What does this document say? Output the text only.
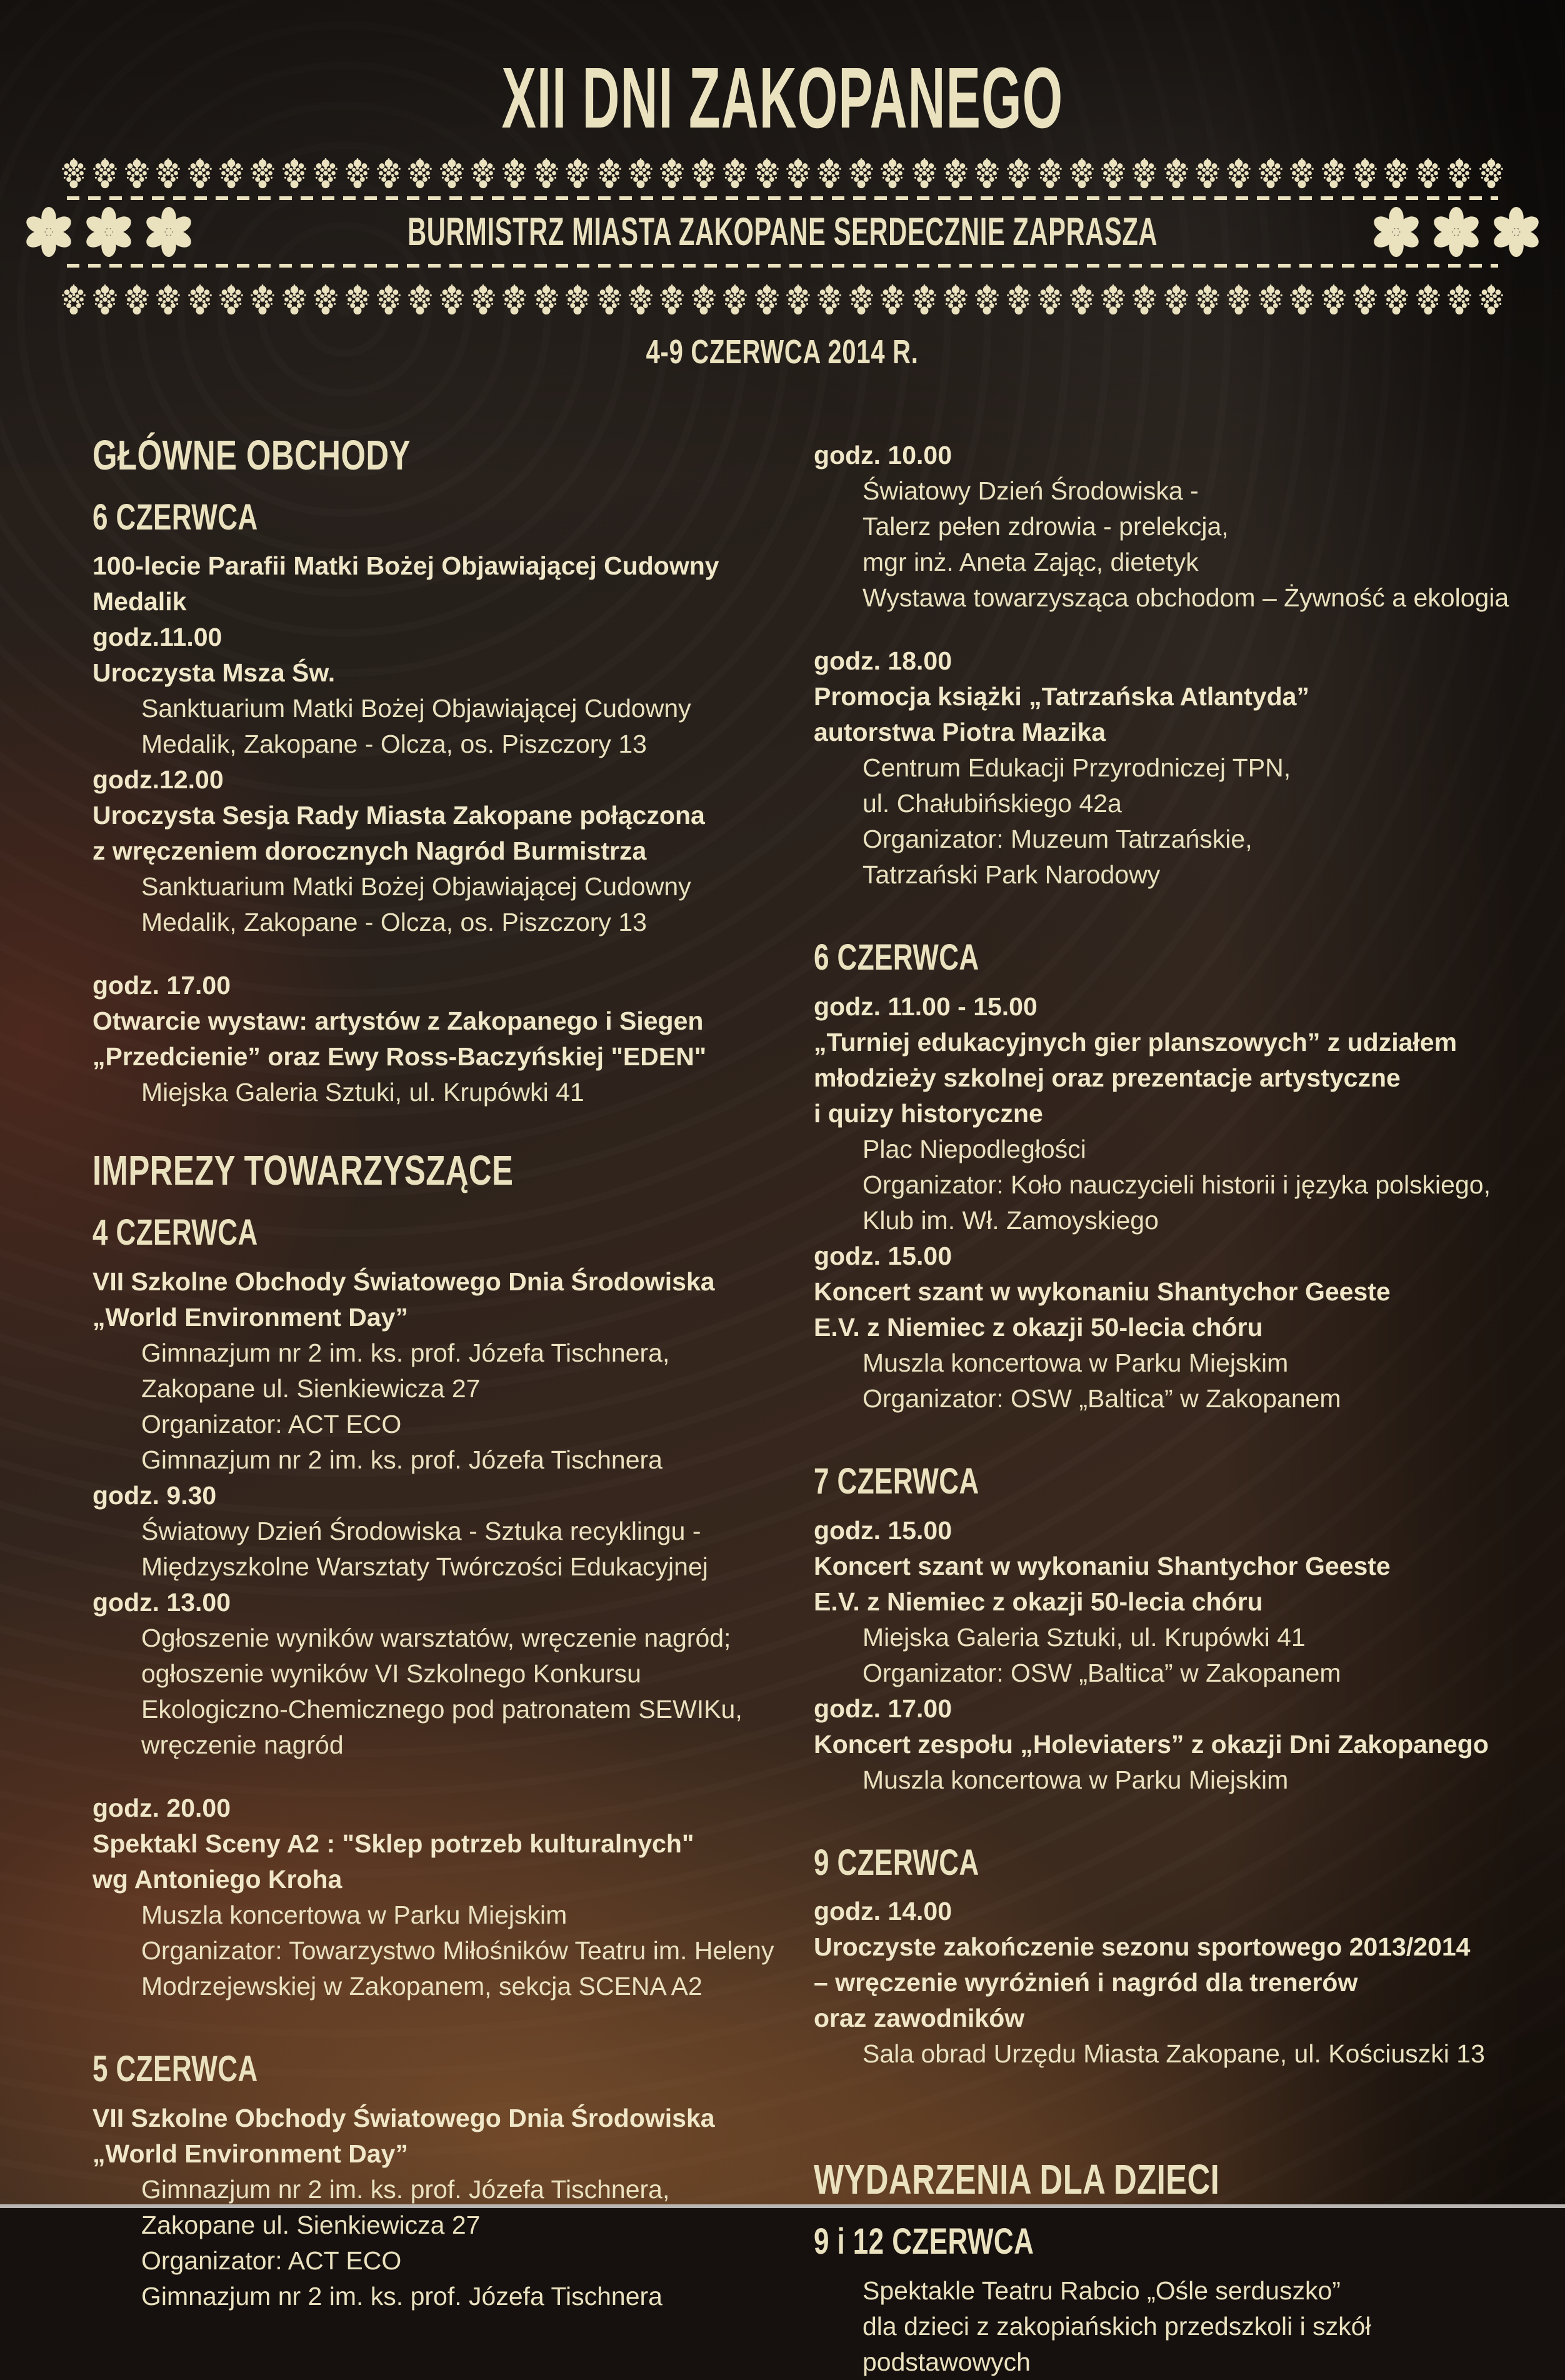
XII DNI ZAKOPANEGO
BURMISTRZ MIASTA ZAKOPANE SERDECZNIE ZAPRASZA
4-9 CZERWCA 2014 R.
GŁÓWNE OBCHODY
6 CZERWCA
100-lecie Parafii Matki Bożej Objawiającej Cudowny
Medalik
godz.11.00
Uroczysta Msza Św.
Sanktuarium Matki Bożej Objawiającej Cudowny
Medalik, Zakopane - Olcza, os. Piszczory 13
godz.12.00
Uroczysta Sesja Rady Miasta Zakopane połączona
z wręczeniem dorocznych Nagród Burmistrza
Sanktuarium Matki Bożej Objawiającej Cudowny
Medalik, Zakopane - Olcza, os. Piszczory 13
godz. 17.00
Otwarcie wystaw: artystów z Zakopanego i Siegen
„Przedcienie” oraz Ewy Ross-Baczyńskiej "EDEN"
Miejska Galeria Sztuki, ul. Krupówki 41
IMPREZY TOWARZYSZĄCE
4 CZERWCA
VII Szkolne Obchody Światowego Dnia Środowiska
„World Environment Day”
Gimnazjum nr 2 im. ks. prof. Józefa Tischnera,
Zakopane ul. Sienkiewicza 27
Organizator: ACT ECO
Gimnazjum nr 2 im. ks. prof. Józefa Tischnera
godz. 9.30
Światowy Dzień Środowiska - Sztuka recyklingu -
Międzyszkolne Warsztaty Twórczości Edukacyjnej
godz. 13.00
Ogłoszenie wyników warsztatów, wręczenie nagród;
ogłoszenie wyników VI Szkolnego Konkursu
Ekologiczno-Chemicznego pod patronatem SEWIKu,
wręczenie nagród
godz. 20.00
Spektakl Sceny A2 : "Sklep potrzeb kulturalnych"
wg Antoniego Kroha
Muszla koncertowa w Parku Miejskim
Organizator: Towarzystwo Miłośników Teatru im. Heleny
Modrzejewskiej w Zakopanem, sekcja SCENA A2
5 CZERWCA
VII Szkolne Obchody Światowego Dnia Środowiska
„World Environment Day”
Gimnazjum nr 2 im. ks. prof. Józefa Tischnera,
Zakopane ul. Sienkiewicza 27
Organizator: ACT ECO
Gimnazjum nr 2 im. ks. prof. Józefa Tischnera
godz. 10.00
Światowy Dzień Środowiska -
Talerz pełen zdrowia - prelekcja,
mgr inż. Aneta Zając, dietetyk
Wystawa towarzysząca obchodom – Żywność a ekologia
godz. 18.00
Promocja książki „Tatrzańska Atlantyda”
autorstwa Piotra Mazika
Centrum Edukacji Przyrodniczej TPN,
ul. Chałubińskiego 42a
Organizator: Muzeum Tatrzańskie,
Tatrzański Park Narodowy
6 CZERWCA
godz. 11.00 - 15.00
„Turniej edukacyjnych gier planszowych” z udziałem
młodzieży szkolnej oraz prezentacje artystyczne
i quizy historyczne
Plac Niepodległości
Organizator: Koło nauczycieli historii i języka polskiego,
Klub im. Wł. Zamoyskiego
godz. 15.00
Koncert szant w wykonaniu Shantychor Geeste
E.V. z Niemiec z okazji 50-lecia chóru
Muszla koncertowa w Parku Miejskim
Organizator: OSW „Baltica” w Zakopanem
7 CZERWCA
godz. 15.00
Koncert szant w wykonaniu Shantychor Geeste
E.V. z Niemiec z okazji 50-lecia chóru
Miejska Galeria Sztuki, ul. Krupówki 41
Organizator: OSW „Baltica” w Zakopanem
godz. 17.00
Koncert zespołu „Holeviaters” z okazji Dni Zakopanego
Muszla koncertowa w Parku Miejskim
9 CZERWCA
godz. 14.00
Uroczyste zakończenie sezonu sportowego 2013/2014
– wręczenie wyróżnień i nagród dla trenerów
oraz zawodników
Sala obrad Urzędu Miasta Zakopane, ul. Kościuszki 13
WYDARZENIA DLA DZIECI
9 i 12 CZERWCA
Spektakle Teatru Rabcio „Ośle serduszko”
dla dzieci z zakopiańskich przedszkoli i szkół
podstawowych
